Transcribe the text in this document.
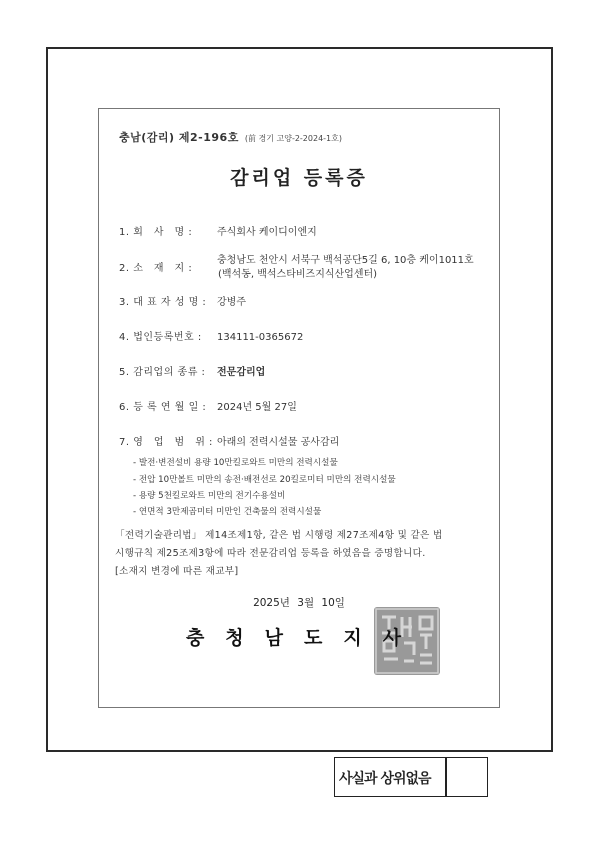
충남(감리) 제2-196호 (前 경기 고양-2-2024-1호)
감리업 등록증
1. 회　사　명 : 주식회사 케이디이엔지
2. 소　재　지 :충청남도 천안시 서북구 백석공단5길 6, 10층 케이1011호
(백석동, 백석스타비즈지식산업센터)
3. 대 표 자 성 명 : 강병주
4. 법인등록번호 : 134111-0365672
5. 감리업의 종류 : 전문감리업
6. 등 록 연 월 일 : 2024년 5월 27일
7. 영　업　범　위 : 아래의 전력시설물 공사감리
- 발전·변전설비 용량 10만킬로와트 미만의 전력시설물
- 전압 10만볼트 미만의 송전·배전선로 20킬로미터 미만의 전력시설물
- 용량 5천킬로와트 미만의 전기수용설비
- 연면적 3만제곱미터 미만인 건축물의 전력시설물
「전력기술관리법」 제14조제1항, 같은 법 시행령 제27조제4항 및 같은 법
시행규칙 제25조제3항에 따라 전문감리업 등록을 하였음을 증명합니다.
[소재지 변경에 따른 재교부]
2025년 3월 10일
충청남도지사
사실과 상위없음
